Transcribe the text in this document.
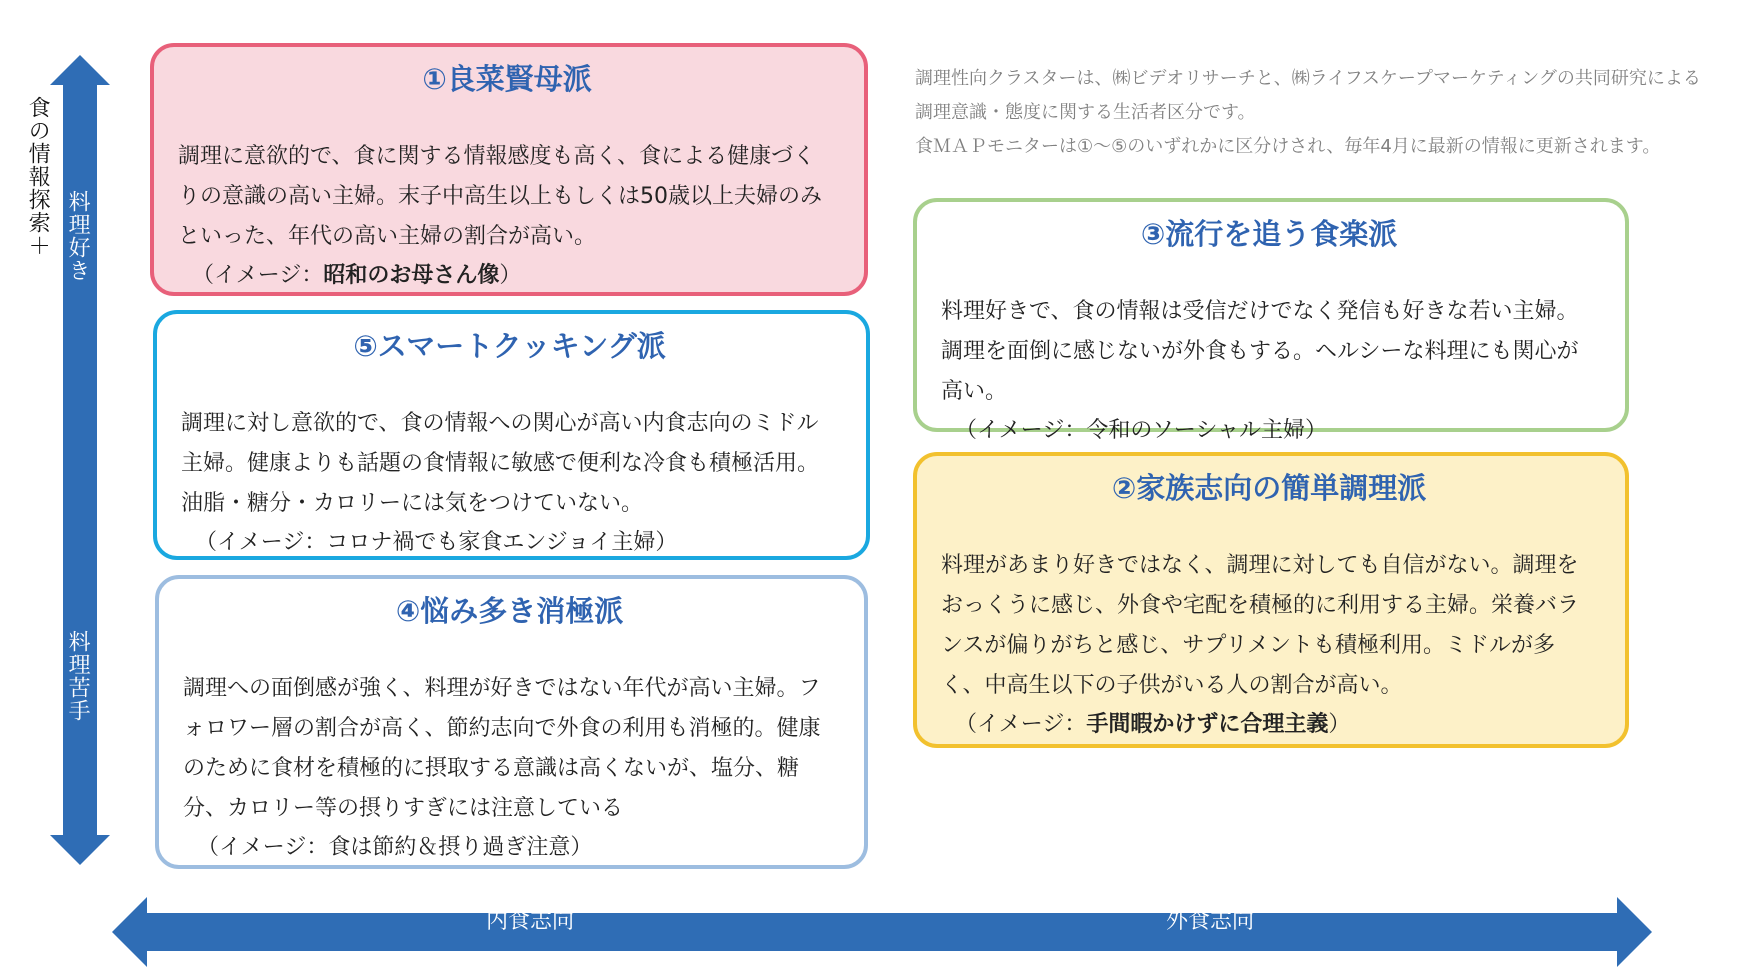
食の情報探索＋ 料理好き
料理苦手
内食志向	外食志向
調理性向クラスターは、㈱ビデオリサーチと、㈱ライフスケープマーケティングの共同研究による
調理意識・態度に関する生活者区分です。
食ＭＡＰモニターは①～⑤のいずれかに区分けされ、毎年4月に最新の情報に更新されます。
①良菜賢母派
調理に意欲的で、食に関する情報感度も高く、食による健康づくりの意識の高い主婦。末子中高生以上もしくは50歳以上夫婦のみといった、年代の高い主婦の割合が高い。
（イメージ：昭和のお母さん像）
⑤スマートクッキング派
調理に対し意欲的で、食の情報への関心が高い内食志向のミドル主婦。健康よりも話題の食情報に敏感で便利な冷食も積極活用。油脂・糖分・カロリーには気をつけていない。
（イメージ：コロナ禍でも家食エンジョイ主婦）
④悩み多き消極派
調理への面倒感が強く、料理が好きではない年代が高い主婦。フォロワー層の割合が高く、節約志向で外食の利用も消極的。健康のために食材を積極的に摂取する意識は高くないが、塩分、糖分、カロリー等の摂りすぎには注意している
（イメージ：食は節約＆摂り過ぎ注意）
③流行を追う食楽派
料理好きで、食の情報は受信だけでなく発信も好きな若い主婦。調理を面倒に感じないが外食もする。ヘルシーな料理にも関心が高い。
（イメージ：令和のソーシャル主婦）
②家族志向の簡単調理派
料理があまり好きではなく、調理に対しても自信がない。調理をおっくうに感じ、外食や宅配を積極的に利用する主婦。栄養バランスが偏りがちと感じ、サプリメントも積極利用。ミドルが多く、中高生以下の子供がいる人の割合が高い。
（イメージ：手間暇かけずに合理主義）
